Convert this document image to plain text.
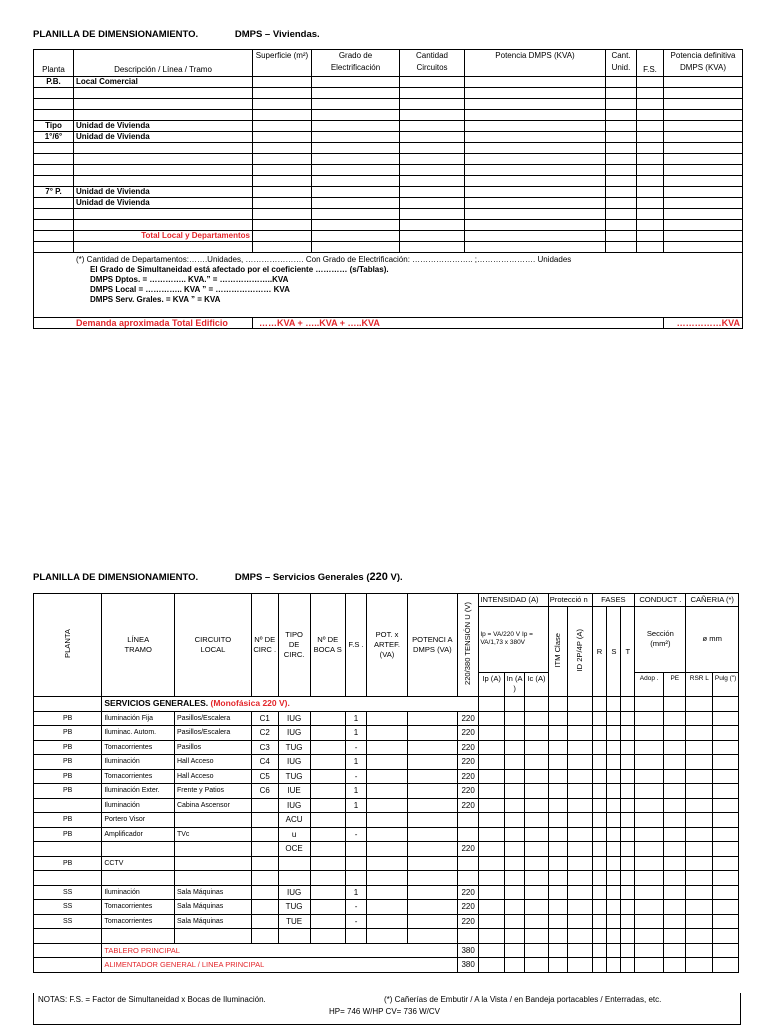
PLANILLA DE DIMENSIONAMIENTO.	DMPS – Viviendas.
Planta	Descripción / Línea / Tramo	Superficie (m²)	Grado de Electrificación	Cantidad Circuitos	Potencia DMPS (KVA)	Cant. Unid.	F.S.	Potencia definitiva DMPS (KVA)
P.B.	Local Comercial							

Tipo	Unidad de Vivienda							
1°/6°	Unidad de Vivienda							

7° P.	Unidad de Vivienda							
	Unidad de Vivienda							

	Total Local y Departamentos							

(*) Cantidad de Departamentos:…….Unidades, …………………. Con Grado de Electrificación: ………………….. ;…………………. Unidades
El Grado de Simultaneidad está afectado por el coeficiente ………… (s/Tablas).
DMPS Dptos. = ………….. KVA.” = ………………..KVA
DMPS Local = ………….. KVA ” = ………………… KVA
DMPS Serv. Grales. = KVA ” = KVA								

Demanda aproximada Total Edificio		……KVA + …..KVA + …..KVA						……………KVA
PLANILLA DE DIMENSIONAMIENTO.	DMPS – Servicios Generales (220 V).
PLANTA	LÍNEA TRAMO	CIRCUITO LOCAL	Nº DE CIRC .	TIPO DE CIRC.	Nº DE BOCA S	F.S .	POT. x ARTEF. (VA)	POTENCI A DMPS (VA)	220/380 TENSIÓN U (V)	INTENSIDAD (A)			Protecció n		FASES			CONDUCT .		CAÑERIA (*)	
										Ip = VA/220 V Ip = VA/1,73 x 380V			ITM Clase	ID 2P/4P (A)	R	S	T	Sección (mm²)		ø mm	
										Ip (A)	In (A )	Ic (A)						Adop .	PE	RSR L	Pulg (")
	SERVICIOS GENERALES. (Monofásica 220 V).																				
PB	Iluminación Fija	Pasillos/Escalera	C1	IUG		1			220												
PB	Iluminac. Autom.	Pasillos/Escalera	C2	IUG		1			220												
PB	Tomacorrientes	Pasillos	C3	TUG		-			220												
PB	Iluminación	Hall Acceso	C4	IUG		1			220												
PB	Tomacorrientes	Hall Acceso	C5	TUG		-			220												
PB	Iluminación Exter.	Frente y Patios	C6	IUE		1			220												
	Iluminación	Cabina Ascensor		IUG		1			220												
PB	Portero Visor			ACU																	
PB	Amplificador	TVc		u		-															
				OCE					220												
PB	CCTV																				

SS	Iluminación	Sala Máquinas		IUG		1			220												
SS	Tomacorrientes	Sala Máquinas		TUG		-			220												
SS	Tomacorrientes	Sala Máquinas		TUE		-			220												

	TABLERO PRINCIPAL								380												
	ALIMENTADOR GENERAL / LINEA PRINCIPAL								380												
NOTAS: F.S. = Factor de Simultaneidad x Bocas de Iluminación.	(*) Cañerías de Embutir / A la Vista / en Bandeja portacables / Enterradas, etc.
HP= 746 W/HP CV= 736 W/CV
